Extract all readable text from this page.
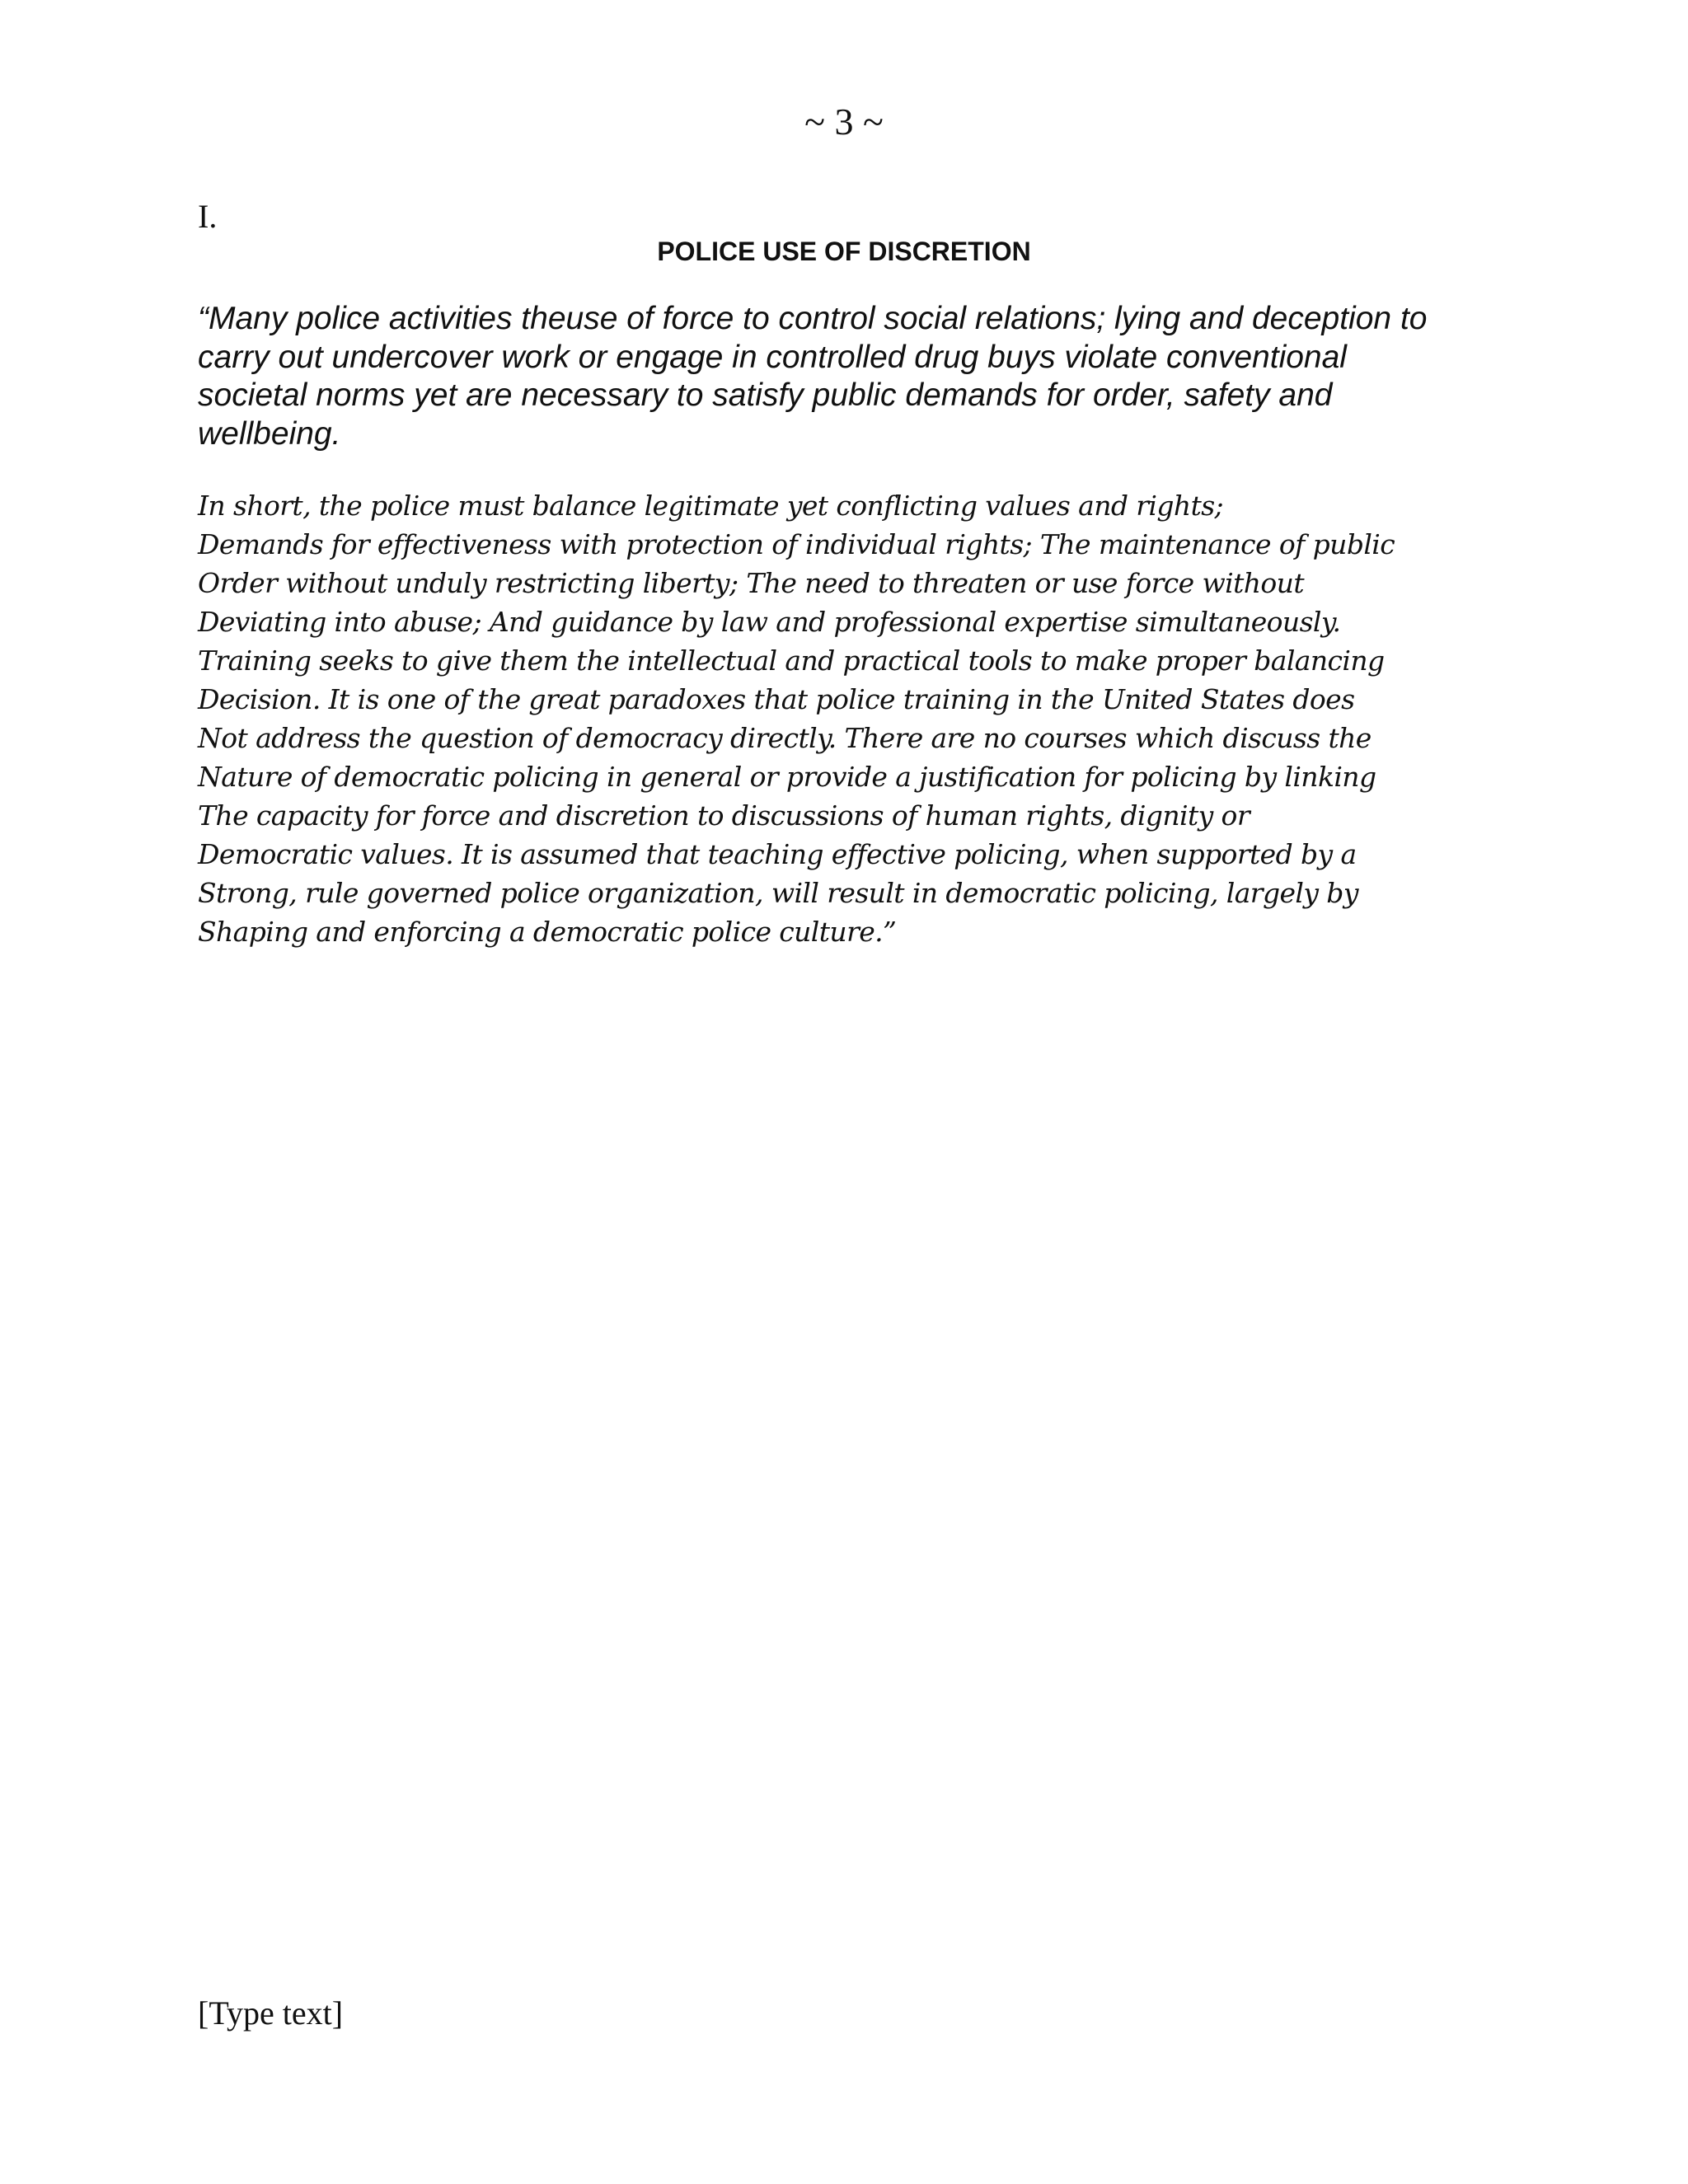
~ 3 ~
I.
POLICE USE OF DISCRETION

“Many police activities theuse of force to control social relations; lying and deception to
carry out undercover work or engage in controlled drug buys violate conventional
societal norms yet are necessary to satisfy public demands for order, safety and
wellbeing.

In short, the police must balance legitimate yet conflicting values and rights;
Demands for effectiveness with protection of individual rights; The maintenance of public
Order without unduly restricting liberty; The need to threaten or use force without
Deviating into abuse; And guidance by law and professional expertise simultaneously.
Training seeks to give them the intellectual and practical tools to make proper balancing
Decision. It is one of the great paradoxes that police training in the United States does
Not address the question of democracy directly. There are no courses which discuss the
Nature of democratic policing in general or provide a justification for policing by linking
The capacity for force and discretion to discussions of human rights, dignity or
Democratic values. It is assumed that teaching effective policing, when supported by a
Strong, rule governed police organization, will result in democratic policing, largely by
Shaping and enforcing a democratic police culture.”

[Type text]
